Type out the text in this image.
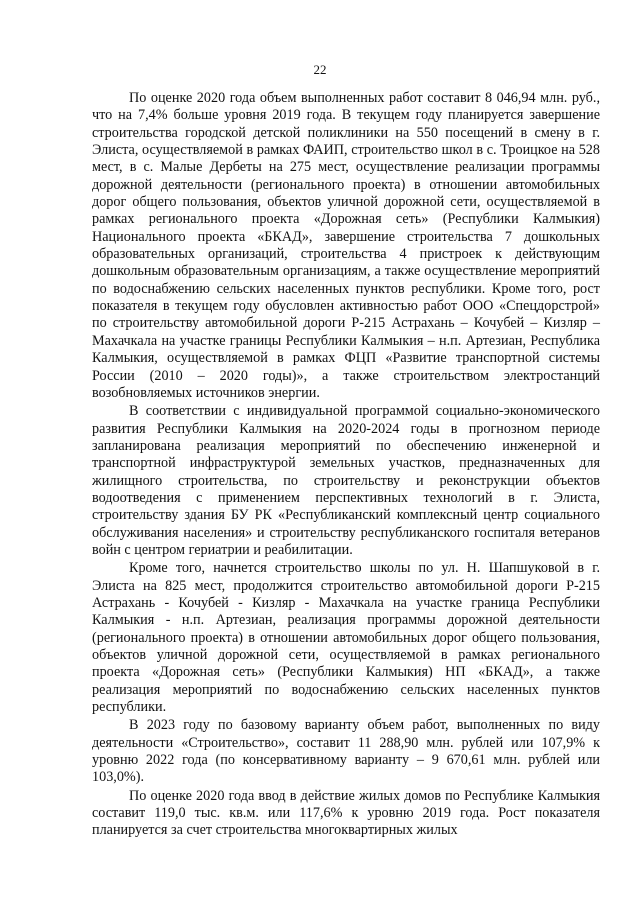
22

По оценке 2020 года объем выполненных работ составит 8 046,94 млн. руб., что на 7,4% больше уровня 2019 года. В текущем году планируется завершение строительства городской детской поликлиники на 550 посещений в смену в г. Элиста, осуществляемой в рамках ФАИП, строительство школ в с. Троицкое на 528 мест, в с. Малые Дербеты на 275 мест, осуществление реализации программы дорожной деятельности (регионального проекта) в отношении автомобильных дорог общего пользования, объектов уличной дорожной сети, осуществляемой в рамках регионального проекта «Дорожная сеть» (Республики Калмыкия) Национального проекта «БКАД», завершение строительства 7 дошкольных образовательных организаций, строительства 4 пристроек к действующим дошкольным образовательным организациям, а также осуществление мероприятий по водоснабжению сельских населенных пунктов республики. Кроме того, рост показателя в текущем году обусловлен активностью работ ООО «Спецдорстрой» по строительству автомобильной дороги Р-215 Астрахань – Кочубей – Кизляр – Махачкала на участке границы Республики Калмыкия – н.п. Артезиан, Республика Калмыкия, осуществляемой в рамках ФЦП «Развитие транспортной системы России (2010 – 2020 годы)», а также строительством электростанций возобновляемых источников энергии.

В соответствии с индивидуальной программой социально-экономического развития Республики Калмыкия на 2020-2024 годы в прогнозном периоде запланирована реализация мероприятий по обеспечению инженерной и транспортной инфраструктурой земельных участков, предназначенных для жилищного строительства, по строительству и реконструкции объектов водоотведения с применением перспективных технологий в г. Элиста, строительству здания БУ РК «Республиканский комплексный центр социального обслуживания населения» и строительству республиканского госпиталя ветеранов войн с центром гериатрии и реабилитации.

Кроме того, начнется строительство школы по ул. Н. Шапшуковой в г. Элиста на 825 мест, продолжится строительство автомобильной дороги Р-215 Астрахань - Кочубей - Кизляр - Махачкала на участке граница Республики Калмыкия - н.п. Артезиан, реализация программы дорожной деятельности (регионального проекта) в отношении автомобильных дорог общего пользования, объектов уличной дорожной сети, осуществляемой в рамках регионального проекта «Дорожная сеть» (Республики Калмыкия) НП «БКАД», а также реализация мероприятий по водоснабжению сельских населенных пунктов республики.

В 2023 году по базовому варианту объем работ, выполненных по виду деятельности «Строительство», составит 11 288,90 млн. рублей или 107,9% к уровню 2022 года (по консервативному варианту – 9 670,61 млн. рублей или 103,0%).

По оценке 2020 года ввод в действие жилых домов по Республике Калмыкия составит 119,0 тыс. кв.м. или 117,6% к уровню 2019 года. Рост показателя планируется за счет строительства многоквартирных жилых
